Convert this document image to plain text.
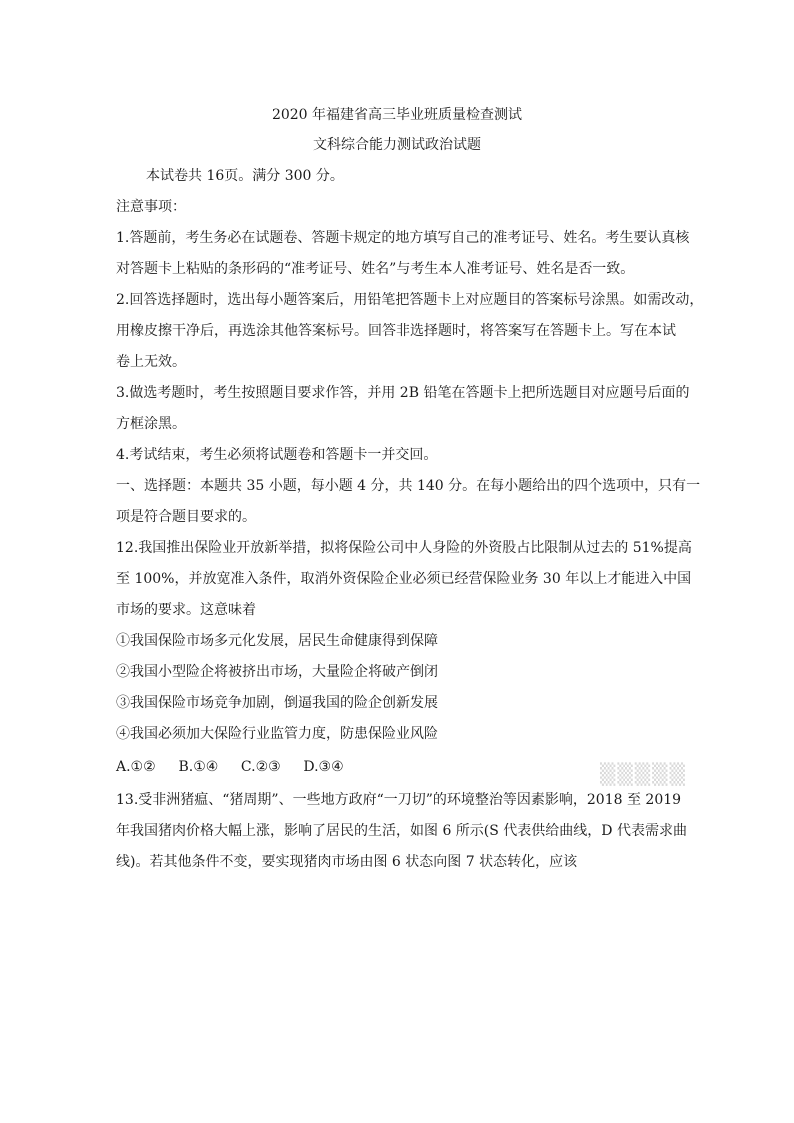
2020 年福建省高三毕业班质量检查测试
文科综合能力测试政治试题
本试卷共 16页。满分 300 分。
注意事项：
1.答题前，考生务必在试题卷、答题卡规定的地方填写自己的准考证号、姓名。考生要认真核
对答题卡上粘贴的条形码的“准考证号、姓名”与考生本人准考证号、姓名是否一致。
2.回答选择题时，选出每小题答案后，用铅笔把答题卡上对应题目的答案标号涂黑。如需改动，
用橡皮擦干净后，再选涂其他答案标号。回答非选择题时，将答案写在答题卡上。写在本试
卷上无效。
3.做选考题时，考生按照题目要求作答，并用 2B 铅笔在答题卡上把所选题目对应题号后面的
方框涂黑。
4.考试结束，考生必须将试题卷和答题卡一并交回。
一、选择题：本题共 35 小题，每小题 4 分，共 140 分。在每小题给出的四个选项中，只有一
项是符合题目要求的。
12.我国推出保险业开放新举措，拟将保险公司中人身险的外资股占比限制从过去的 51%提高
至 100%，并放宽准入条件，取消外资保险企业必须已经营保险业务 30 年以上才能进入中国
市场的要求。这意味着
①我国保险市场多元化发展，居民生命健康得到保障
②我国小型险企将被挤出市场，大量险企将破产倒闭
③我国保险市场竞争加剧，倒逼我国的险企创新发展
④我国必须加大保险行业监管力度，防患保险业风险
A.①② B.①④ C.②③ D.③④
13.受非洲猪瘟、“猪周期”、一些地方政府“一刀切”的环境整治等因素影响，2018 至 2019
年我国猪肉价格大幅上涨，影响了居民的生活，如图 6 所示(S 代表供给曲线，D 代表需求曲
线)。若其他条件不变，要实现猪肉市场由图 6 状态向图 7 状态转化，应该
▒▒▒▒▒
